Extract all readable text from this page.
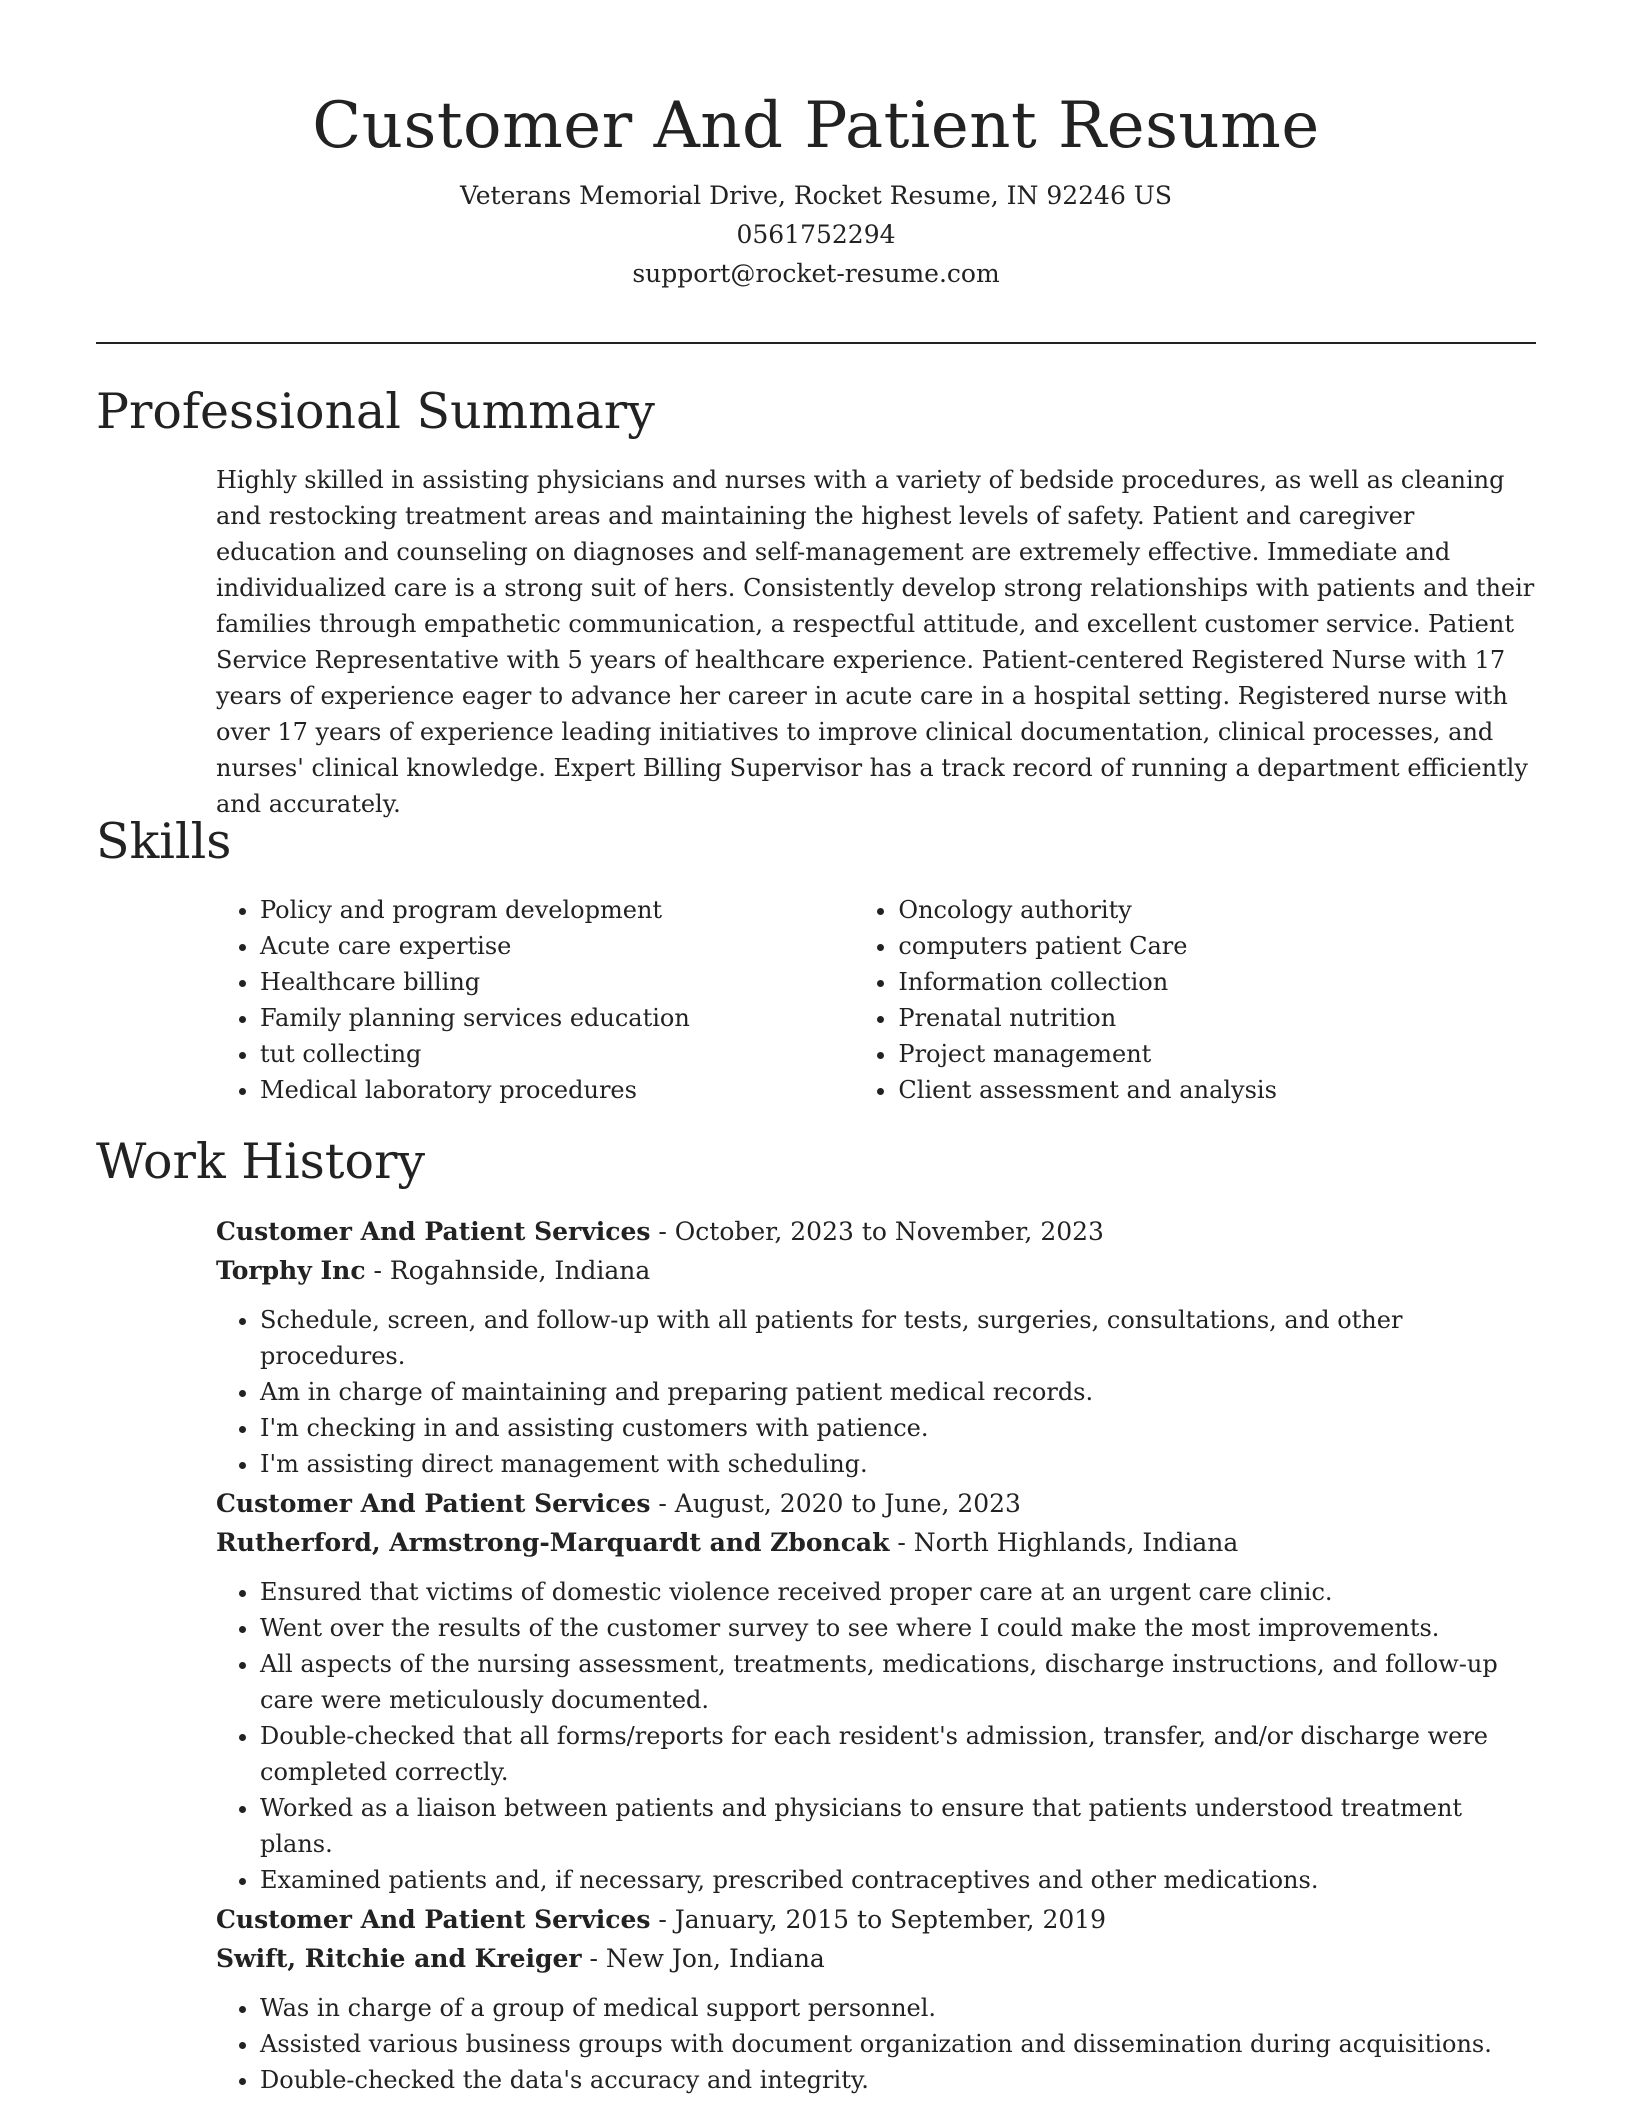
Customer And Patient Resume
Veterans Memorial Drive, Rocket Resume, IN 92246 US
0561752294
support@rocket-resume.com
Professional Summary

Highly skilled in assisting physicians and nurses with a variety of bedside procedures, as well as cleaning and restocking treatment areas and maintaining the highest levels of safety. Patient and caregiver education and counseling on diagnoses and self-management are extremely effective. Immediate and individualized care is a strong suit of hers. Consistently develop strong relationships with patients and their families through empathetic communication, a respectful attitude, and excellent customer service. Patient Service Representative with 5 years of healthcare experience. Patient-centered Registered Nurse with 17 years of experience eager to advance her career in acute care in a hospital setting. Registered nurse with over 17 years of experience leading initiatives to improve clinical documentation, clinical processes, and nurses' clinical knowledge. Expert Billing Supervisor has a track record of running a department efficiently and accurately.

Skills
• Policy and program development
• Acute care expertise
• Healthcare billing
• Family planning services education
• tut collecting
• Medical laboratory procedures
• Oncology authority
• computers patient Care
• Information collection
• Prenatal nutrition
• Project management
• Client assessment and analysis
Work History
Customer And Patient Services - October, 2023 to November, 2023
Torphy Inc - Rogahnside, Indiana
• Schedule, screen, and follow-up with all patients for tests, surgeries, consultations, and other procedures.
• Am in charge of maintaining and preparing patient medical records.
• I'm checking in and assisting customers with patience.
• I'm assisting direct management with scheduling.
Customer And Patient Services - August, 2020 to June, 2023
Rutherford, Armstrong-Marquardt and Zboncak - North Highlands, Indiana
• Ensured that victims of domestic violence received proper care at an urgent care clinic.
• Went over the results of the customer survey to see where I could make the most improvements.
• All aspects of the nursing assessment, treatments, medications, discharge instructions, and follow-up care were meticulously documented.
• Double-checked that all forms/reports for each resident's admission, transfer, and/or discharge were completed correctly.
• Worked as a liaison between patients and physicians to ensure that patients understood treatment plans.
• Examined patients and, if necessary, prescribed contraceptives and other medications.
Customer And Patient Services - January, 2015 to September, 2019
Swift, Ritchie and Kreiger - New Jon, Indiana
• Was in charge of a group of medical support personnel.
• Assisted various business groups with document organization and dissemination during acquisitions.
• Double-checked the data's accuracy and integrity.
